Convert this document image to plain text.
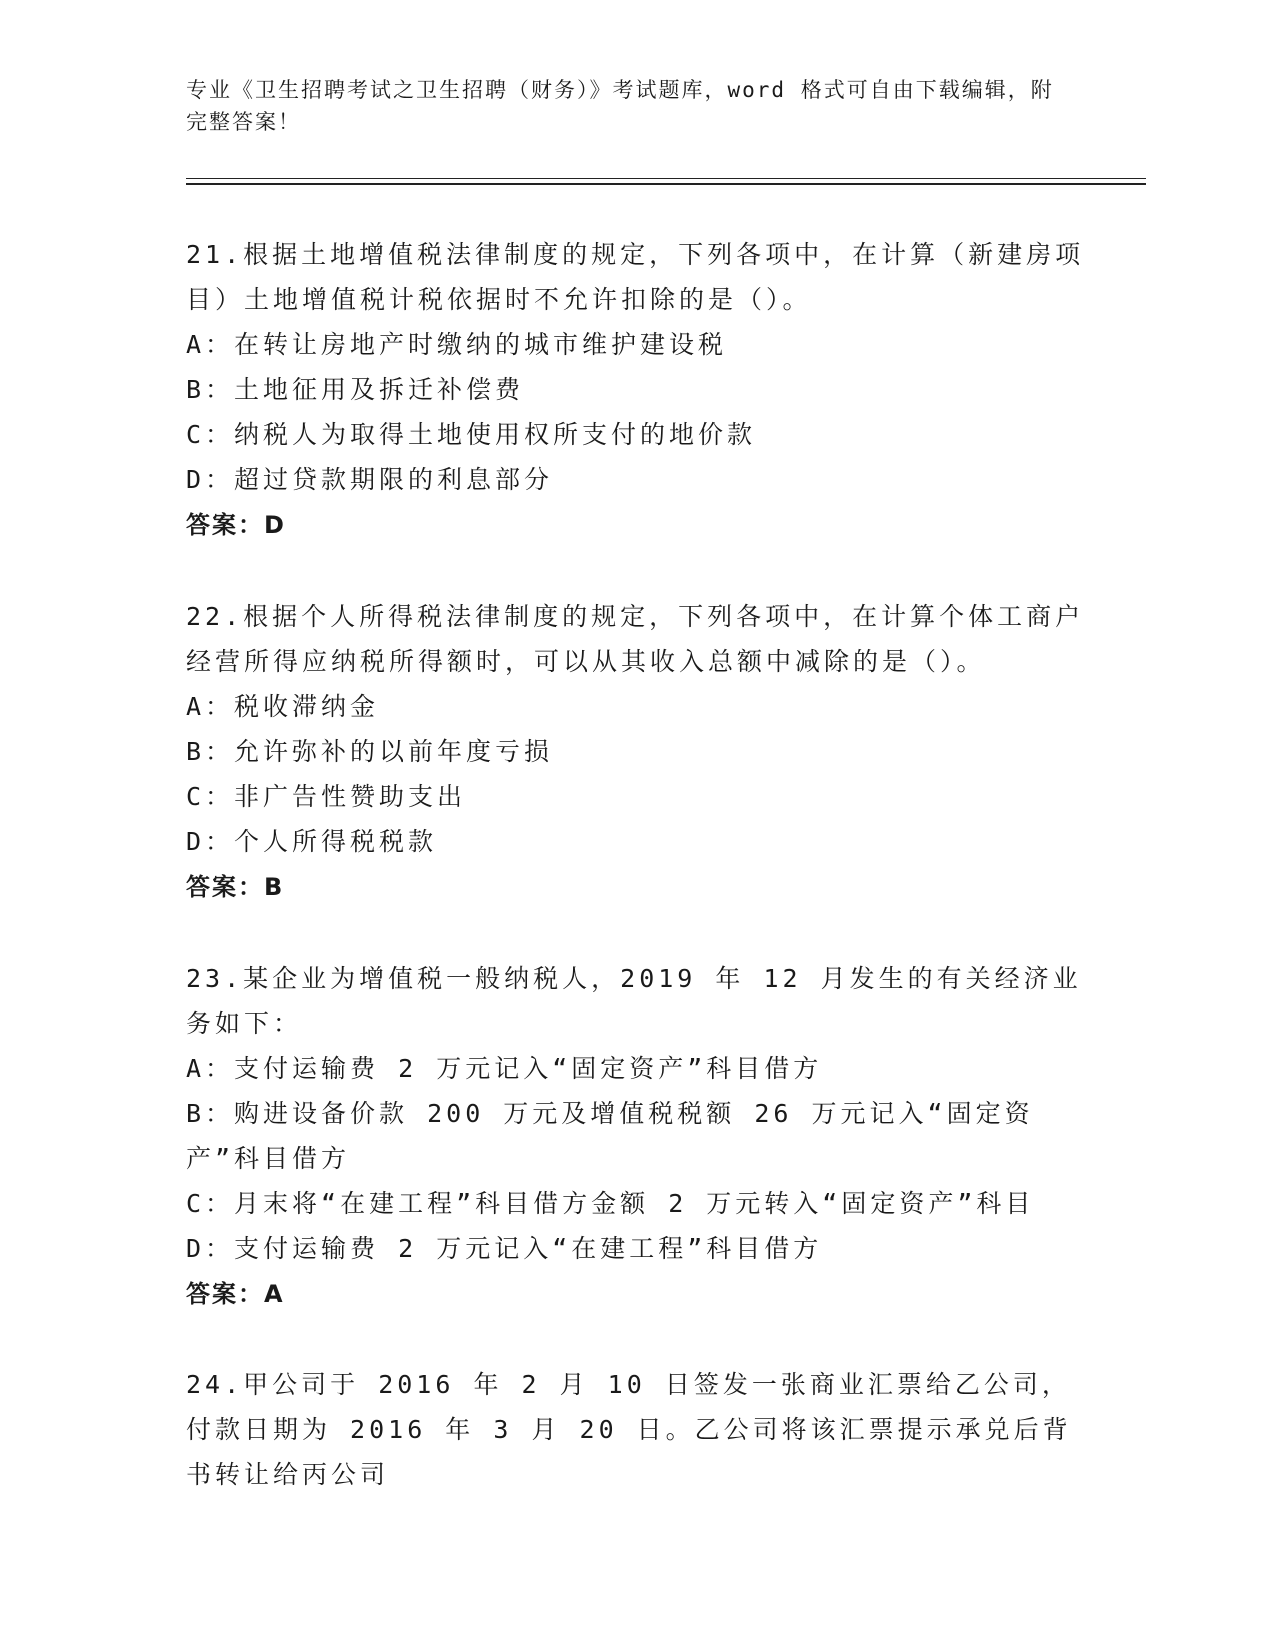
专业《卫生招聘考试之卫生招聘（财务）》考试题库，word 格式可自由下载编辑，附完整答案！

21.根据土地增值税法律制度的规定，下列各项中，在计算（新建房项目）土地增值税计税依据时不允许扣除的是（）。

A：在转让房地产时缴纳的城市维护建设税

B：土地征用及拆迁补偿费

C：纳税人为取得土地使用权所支付的地价款

D：超过贷款期限的利息部分

答案：D

22.根据个人所得税法律制度的规定，下列各项中，在计算个体工商户经营所得应纳税所得额时，可以从其收入总额中减除的是（）。

A：税收滞纳金

B：允许弥补的以前年度亏损

C：非广告性赞助支出

D：个人所得税税款

答案：B

23.某企业为增值税一般纳税人，2019 年 12 月发生的有关经济业务如下：

A：支付运输费 2 万元记入“固定资产”科目借方

B：购进设备价款 200 万元及增值税税额 26 万元记入“固定资产”科目借方

C：月末将“在建工程”科目借方金额 2 万元转入“固定资产”科目

D：支付运输费 2 万元记入“在建工程”科目借方

答案：A

24.甲公司于 2016 年 2 月 10 日签发一张商业汇票给乙公司，付款日期为 2016 年 3 月 20 日。乙公司将该汇票提示承兑后背书转让给丙公司
